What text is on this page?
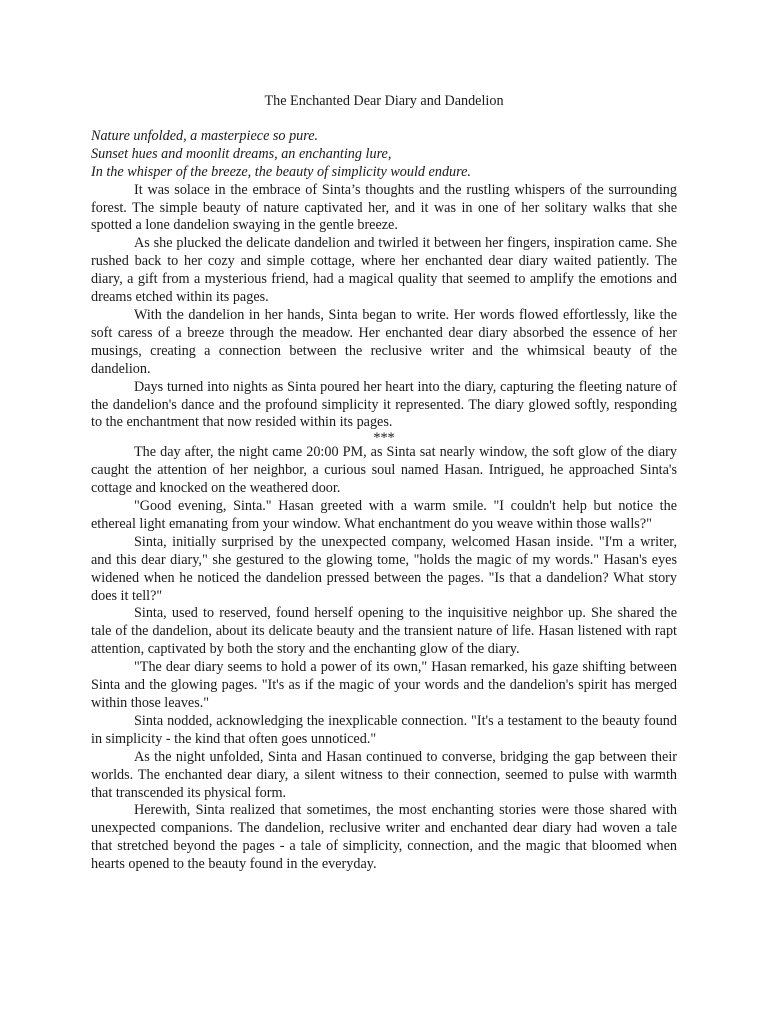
The Enchanted Dear Diary and Dandelion
Nature unfolded, a masterpiece so pure.
Sunset hues and moonlit dreams, an enchanting lure,
In the whisper of the breeze, the beauty of simplicity would endure.

It was solace in the embrace of Sinta’s thoughts and the rustling whispers of the surrounding forest. The simple beauty of nature captivated her, and it was in one of her solitary walks that she spotted a lone dandelion swaying in the gentle breeze.

As she plucked the delicate dandelion and twirled it between her fingers, inspiration came. She rushed back to her cozy and simple cottage, where her enchanted dear diary waited patiently. The diary, a gift from a mysterious friend, had a magical quality that seemed to amplify the emotions and dreams etched within its pages.

With the dandelion in her hands, Sinta began to write. Her words flowed effortlessly, like the soft caress of a breeze through the meadow. Her enchanted dear diary absorbed the essence of her musings, creating a connection between the reclusive writer and the whimsical beauty of the dandelion.

Days turned into nights as Sinta poured her heart into the diary, capturing the fleeting nature of the dandelion's dance and the profound simplicity it represented. The diary glowed softly, responding to the enchantment that now resided within its pages.

***

The day after, the night came 20:00 PM, as Sinta sat nearly window, the soft glow of the diary caught the attention of her neighbor, a curious soul named Hasan. Intrigued, he approached Sinta's cottage and knocked on the weathered door.

"Good evening, Sinta." Hasan greeted with a warm smile. "I couldn't help but notice the ethereal light emanating from your window. What enchantment do you weave within those walls?"

Sinta, initially surprised by the unexpected company, welcomed Hasan inside. "I'm a writer, and this dear diary," she gestured to the glowing tome, "holds the magic of my words." Hasan's eyes widened when he noticed the dandelion pressed between the pages. "Is that a dandelion? What story does it tell?"

Sinta, used to reserved, found herself opening to the inquisitive neighbor up. She shared the tale of the dandelion, about its delicate beauty and the transient nature of life. Hasan listened with rapt attention, captivated by both the story and the enchanting glow of the diary.

"The dear diary seems to hold a power of its own," Hasan remarked, his gaze shifting between Sinta and the glowing pages. "It's as if the magic of your words and the dandelion's spirit has merged within those leaves."

Sinta nodded, acknowledging the inexplicable connection. "It's a testament to the beauty found in simplicity - the kind that often goes unnoticed."

As the night unfolded, Sinta and Hasan continued to converse, bridging the gap between their worlds. The enchanted dear diary, a silent witness to their connection, seemed to pulse with warmth that transcended its physical form.

Herewith, Sinta realized that sometimes, the most enchanting stories were those shared with unexpected companions. The dandelion, reclusive writer and enchanted dear diary had woven a tale that stretched beyond the pages - a tale of simplicity, connection, and the magic that bloomed when hearts opened to the beauty found in the everyday.
